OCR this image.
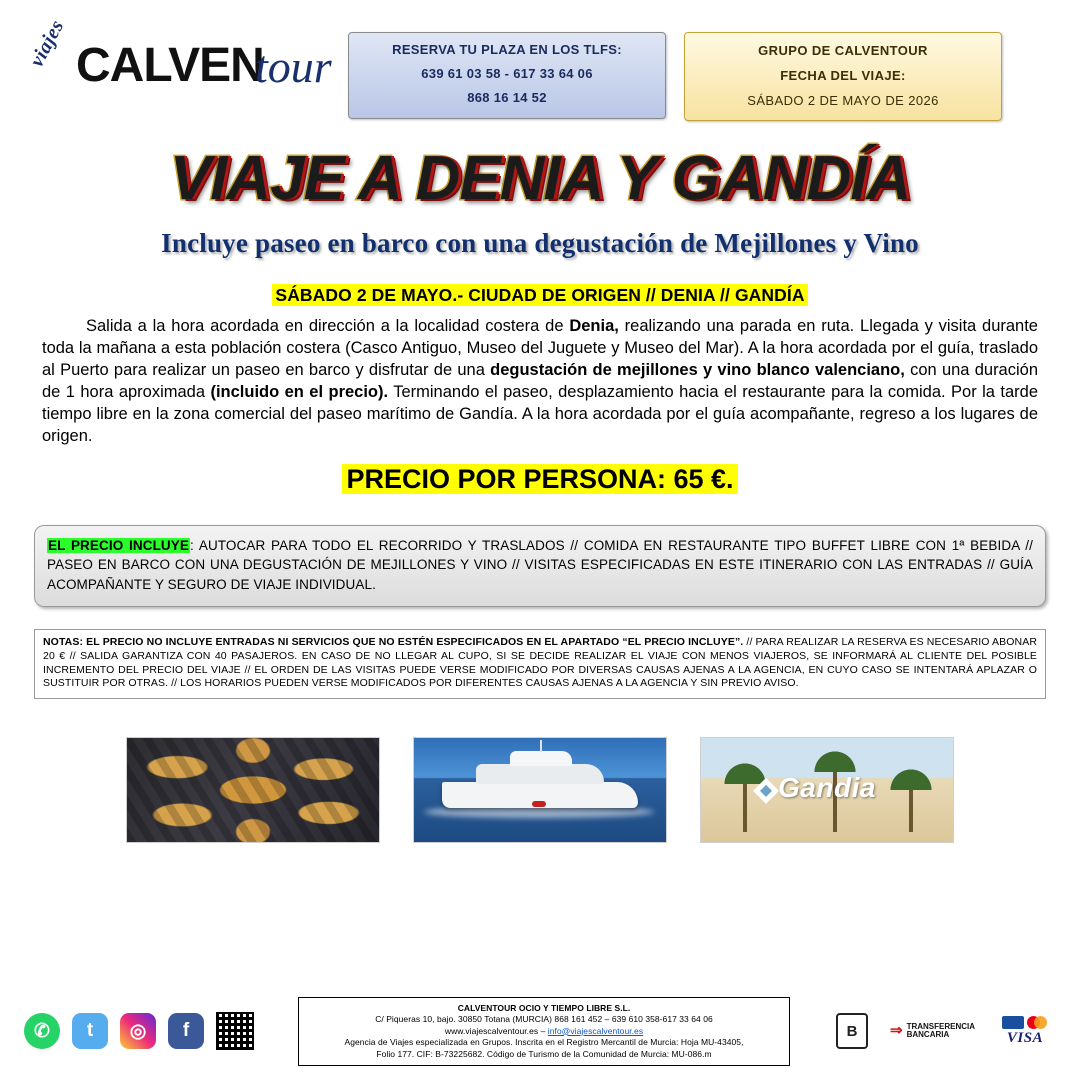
viajes CALVEN
tour	RESERVA TU PLAZA EN LOS TLFS:
639 61 03 58 - 617 33 64 06
868 16 14 52
GRUPO DE CALVENTOUR
FECHA DEL VIAJE:
SÁBADO 2 DE MAYO DE 2026
VIAJE A DENIA Y GANDÍA
Incluye paseo en barco con una degustación de Mejillones y Vino
SÁBADO 2 DE MAYO.- CIUDAD DE ORIGEN // DENIA // GANDÍA
Salida a la hora acordada en dirección a la localidad costera de Denia, realizando una parada en ruta. Llegada y visita durante toda la mañana a esta población costera (Casco Antiguo, Museo del Juguete y Museo del Mar). A la hora acordada por el guía, traslado al Puerto para realizar un paseo en barco y disfrutar de una degustación de mejillones y vino blanco valenciano, con una duración de 1 hora aproximada (incluido en el precio). Terminando el paseo, desplazamiento hacia el restaurante para la comida. Por la tarde tiempo libre en la zona comercial del paseo marítimo de Gandía. A la hora acordada por el guía acompañante, regreso a los lugares de origen.
PRECIO POR PERSONA: 65 €.
EL PRECIO INCLUYE: AUTOCAR PARA TODO EL RECORRIDO Y TRASLADOS // COMIDA EN RESTAURANTE TIPO BUFFET LIBRE CON 1ª BEBIDA // PASEO EN BARCO CON UNA DEGUSTACIÓN DE MEJILLONES Y VINO // VISITAS ESPECIFICADAS EN ESTE ITINERARIO CON LAS ENTRADAS // GUÍA ACOMPAÑANTE Y SEGURO DE VIAJE INDIVIDUAL.
NOTAS: EL PRECIO NO INCLUYE ENTRADAS NI SERVICIOS QUE NO ESTÉN ESPECIFICADOS EN EL APARTADO “EL PRECIO INCLUYE”. // PARA REALIZAR LA RESERVA ES NECESARIO ABONAR 20 € // SALIDA GARANTIZA CON 40 PASAJEROS. EN CASO DE NO LLEGAR AL CUPO, SI SE DECIDE REALIZAR EL VIAJE CON MENOS VIAJEROS, SE INFORMARÁ AL CLIENTE DEL POSIBLE INCREMENTO DEL PRECIO DEL VIAJE // EL ORDEN DE LAS VISITAS PUEDE VERSE MODIFICADO POR DIVERSAS CAUSAS AJENAS A LA AGENCIA, EN CUYO CASO SE INTENTARÁ APLAZAR O SUSTITUIR POR OTRAS. // LOS HORARIOS PUEDEN VERSE MODIFICADOS POR DIFERENTES CAUSAS AJENAS A LA AGENCIA Y SIN PREVIO AVISO.
Gandia
✆ t ◎ f
CALVENTOUR OCIO Y TIEMPO LIBRE S.L.
C/ Piqueras 10, bajo. 30850 Totana (MURCIA) 868 161 452 – 639 610 358-617 33 64 06
www.viajescalventour.es – info@viajescalventour.es
Agencia de Viajes especializada en Grupos. Inscrita en el Registro Mercantil de Murcia: Hoja MU-43405,
Folio 177. CIF: B-73225682. Código de Turismo de la Comunidad de Murcia: MU-086.m
B ⇒ TRANSFERENCIA
BANCARIA	VISA
